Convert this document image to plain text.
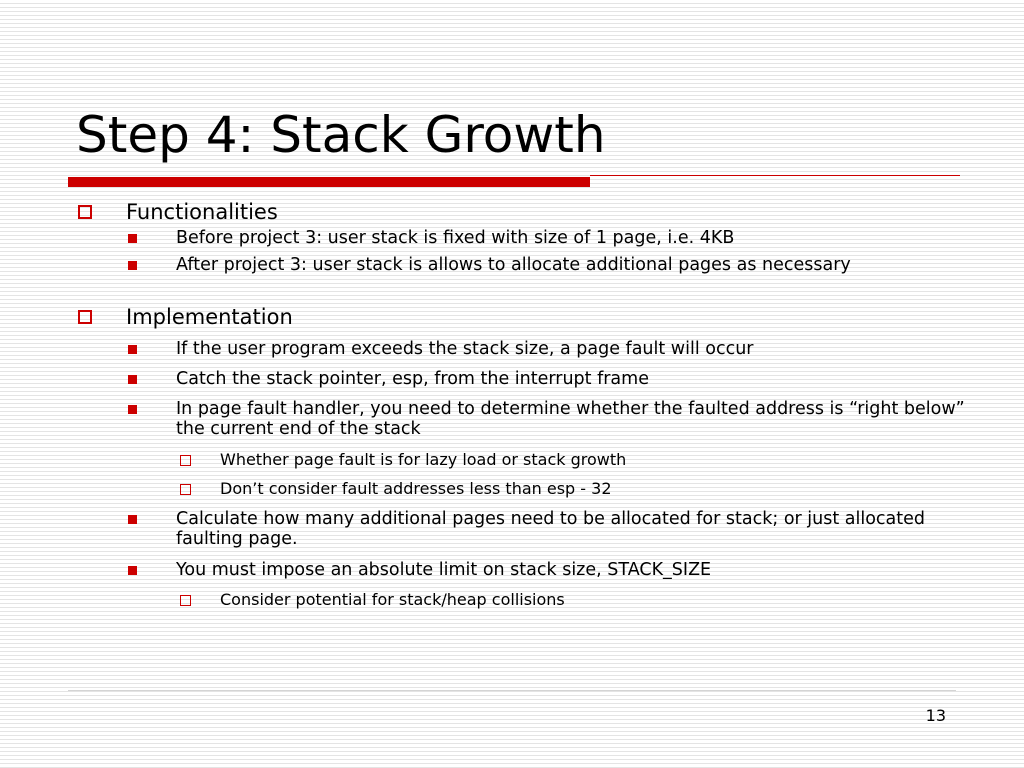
Step 4: Stack Growth
Functionalities
Before project 3: user stack is fixed with size of 1 page, i.e. 4KB
After project 3: user stack is allows to allocate additional pages as necessary
Implementation
If the user program exceeds the stack size, a page fault will occur
Catch the stack pointer, esp, from the interrupt frame
In page fault handler, you need to determine whether the faulted address is “right below” the current end of the stack
Whether page fault is for lazy load or stack growth
Don’t consider fault addresses less than esp - 32
Calculate how many additional pages need to be allocated for stack; or just allocated faulting page.
You must impose an absolute limit on stack size, STACK_SIZE
Consider potential for stack/heap collisions
13
